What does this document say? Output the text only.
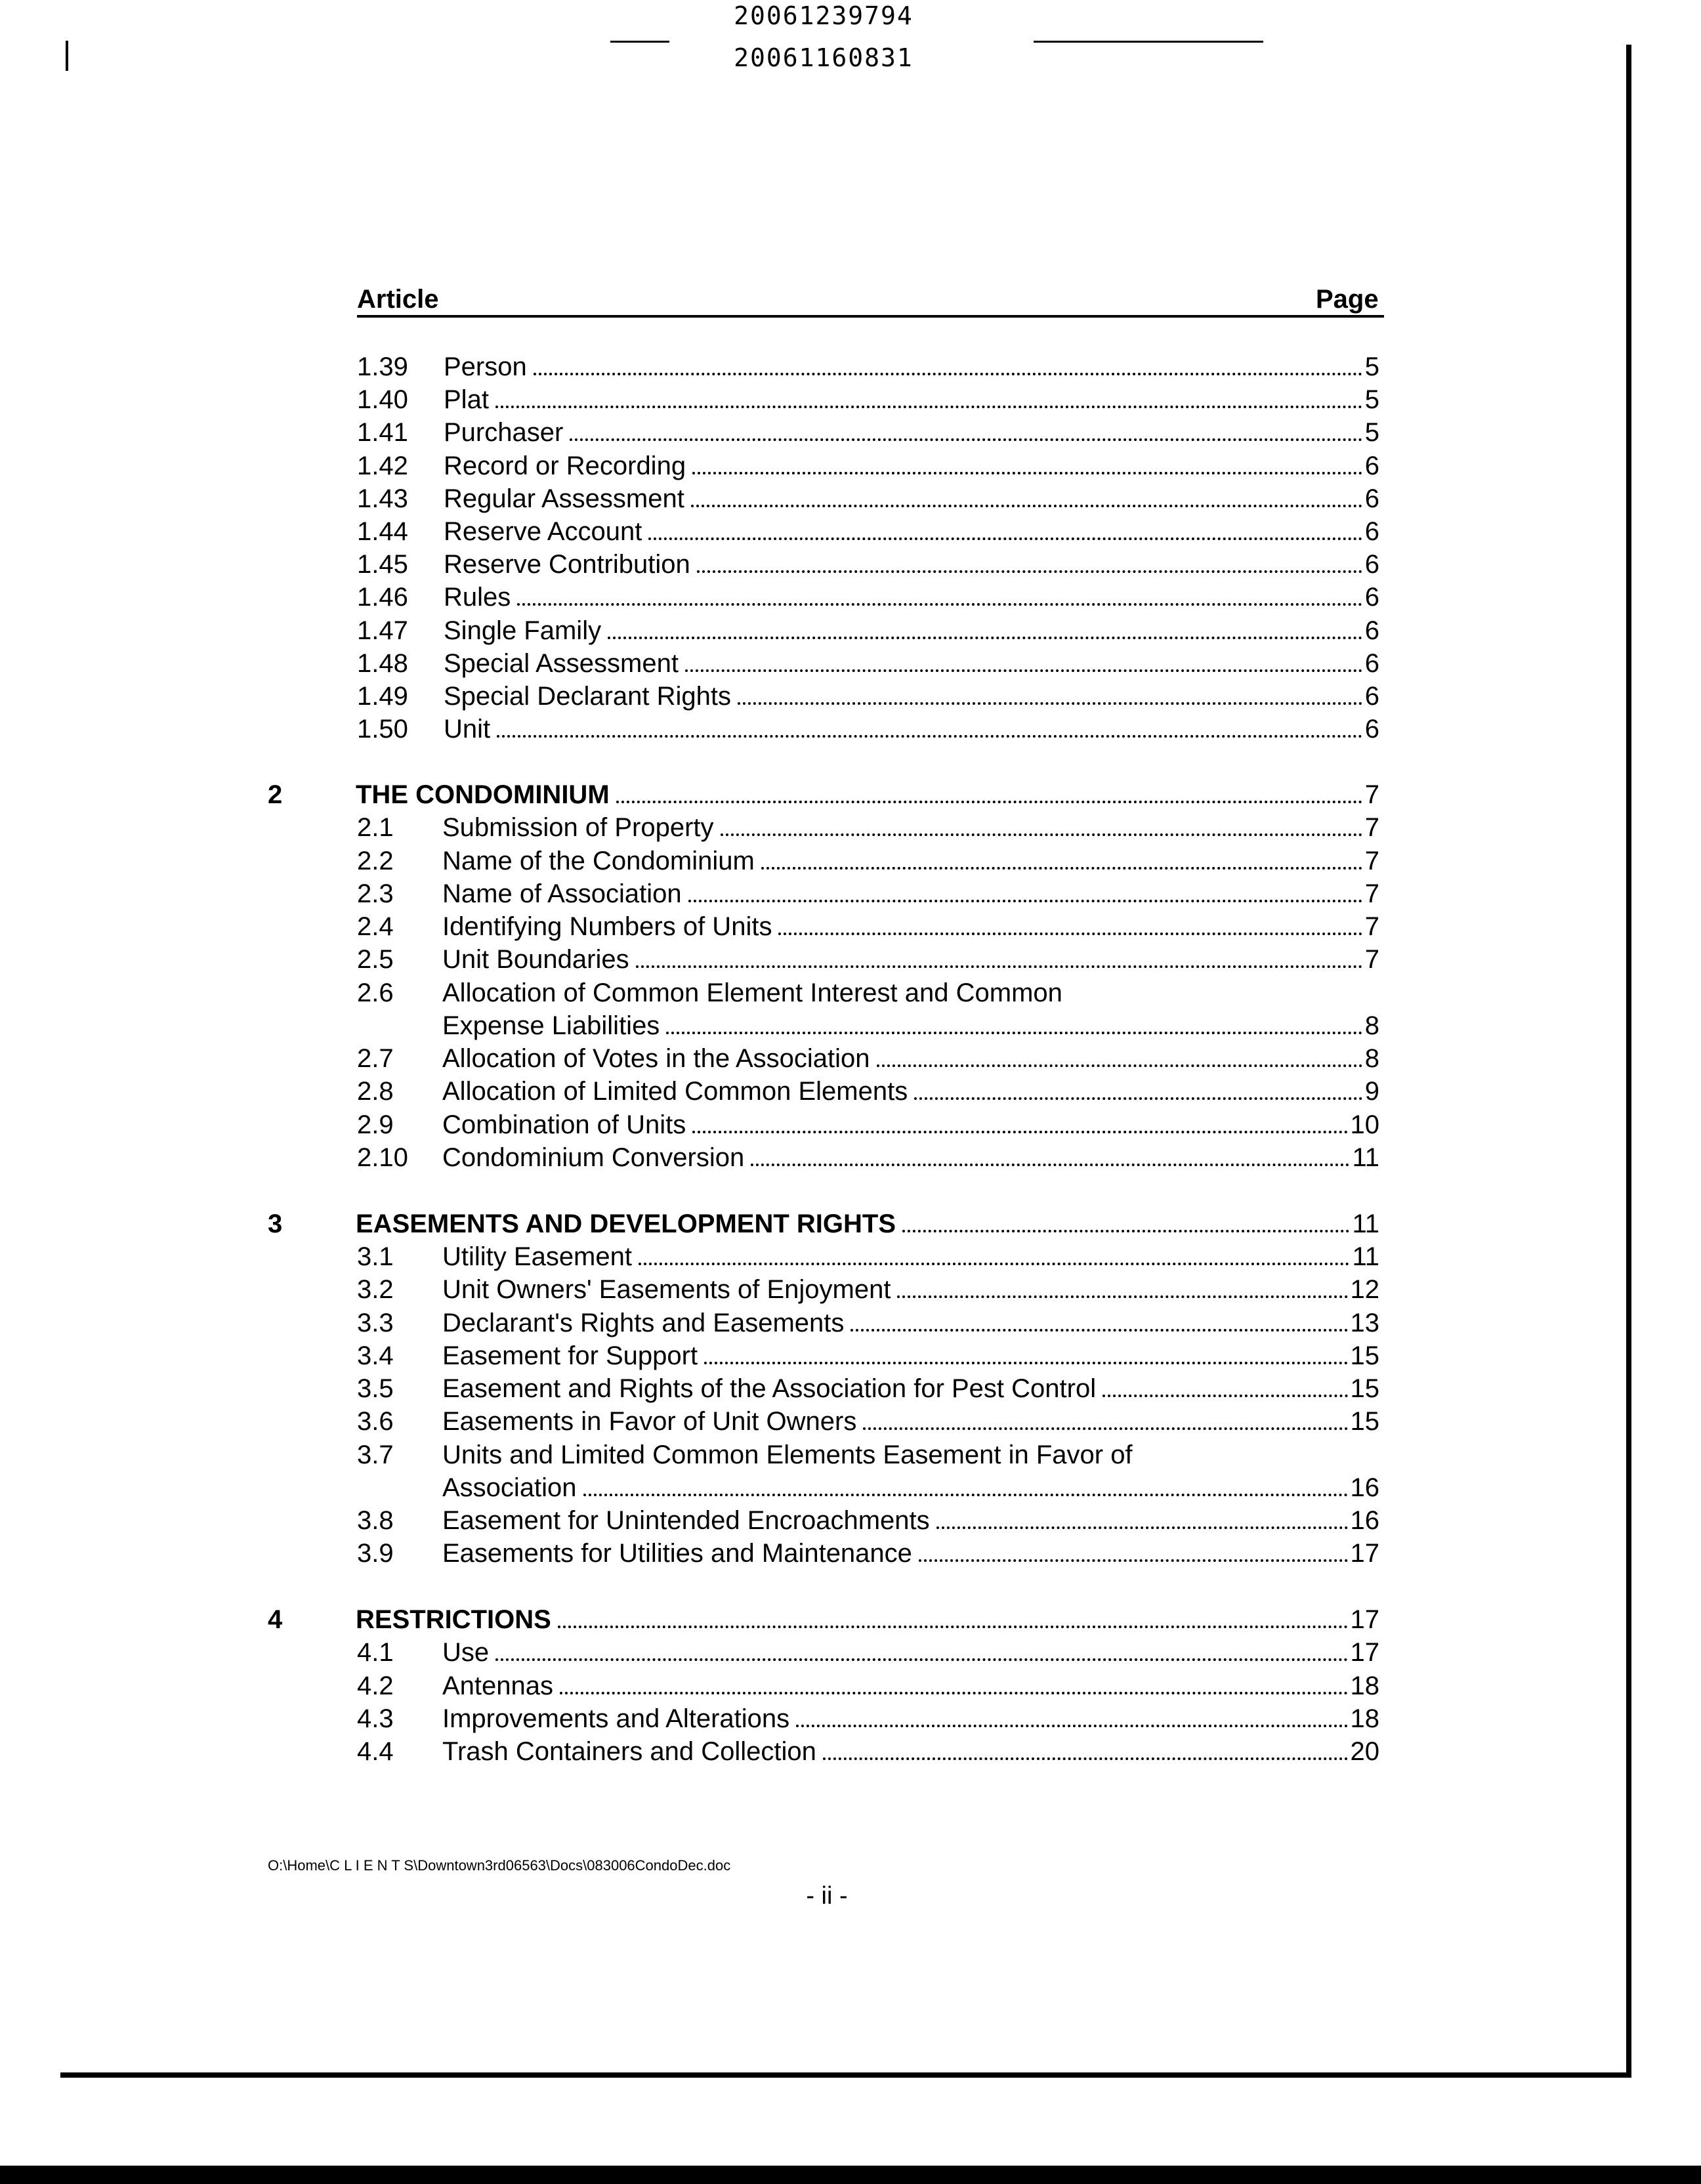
20061239794
20061160831
Article	Page
1.39 Person	5
1.40 Plat	5
1.41 Purchaser	5
1.42 Record or Recording	6
1.43 Regular Assessment	6
1.44 Reserve Account	6
1.45 Reserve Contribution	6
1.46 Rules	6
1.47 Single Family	6
1.48 Special Assessment	6
1.49 Special Declarant Rights	6
1.50 Unit	6
2	THE CONDOMINIUM	7
2.1 Submission of Property	7
2.2 Name of the Condominium	7
2.3 Name of Association	7
2.4 Identifying Numbers of Units	7
2.5 Unit Boundaries	7
2.6 Allocation of Common Element Interest and Common
Expense Liabilities	8
2.7 Allocation of Votes in the Association	8
2.8 Allocation of Limited Common Elements	9
2.9 Combination of Units	10
2.10 Condominium Conversion	11
3	EASEMENTS AND DEVELOPMENT RIGHTS	11
3.1 Utility Easement	11
3.2 Unit Owners' Easements of Enjoyment	12
3.3 Declarant's Rights and Easements	13
3.4 Easement for Support	15
3.5 Easement and Rights of the Association for Pest Control	15
3.6 Easements in Favor of Unit Owners	15
3.7 Units and Limited Common Elements Easement in Favor of
Association	16
3.8 Easement for Unintended Encroachments	16
3.9 Easements for Utilities and Maintenance	17
4	RESTRICTIONS	17
4.1 Use	17
4.2 Antennas	18
4.3 Improvements and Alterations	18
4.4 Trash Containers and Collection	20
O:\Home\C L I E N T S\Downtown3rd06563\Docs\083006CondoDec.doc
- ii -
